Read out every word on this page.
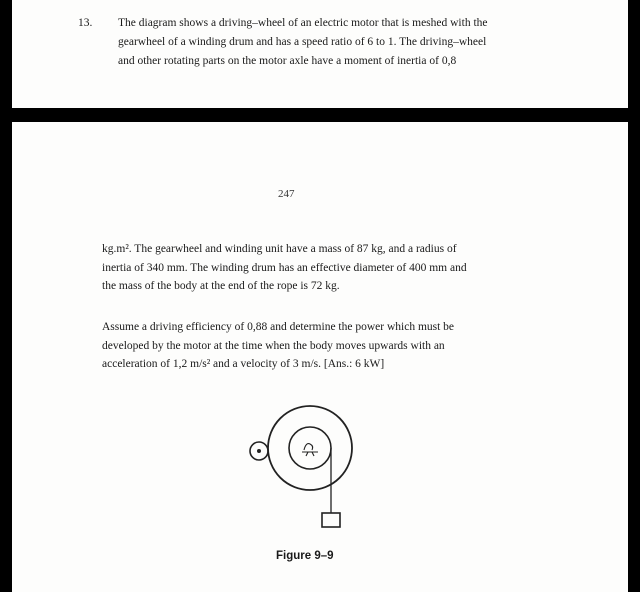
13. The diagram shows a driving–wheel of an electric motor that is meshed with the
gearwheel of a winding drum and has a speed ratio of 6 to 1. The driving–wheel
and other rotating parts on the motor axle have a moment of inertia of 0,8
247
kg.m². The gearwheel and winding unit have a mass of 87 kg, and a radius of
inertia of 340 mm. The winding drum has an effective diameter of 400 mm and
the mass of the body at the end of the rope is 72 kg.
Assume a driving efficiency of 0,88 and determine the power which must be
developed by the motor at the time when the body moves upwards with an
acceleration of 1,2 m/s² and a velocity of 3 m/s. [Ans.: 6 kW]
Figure 9–9
